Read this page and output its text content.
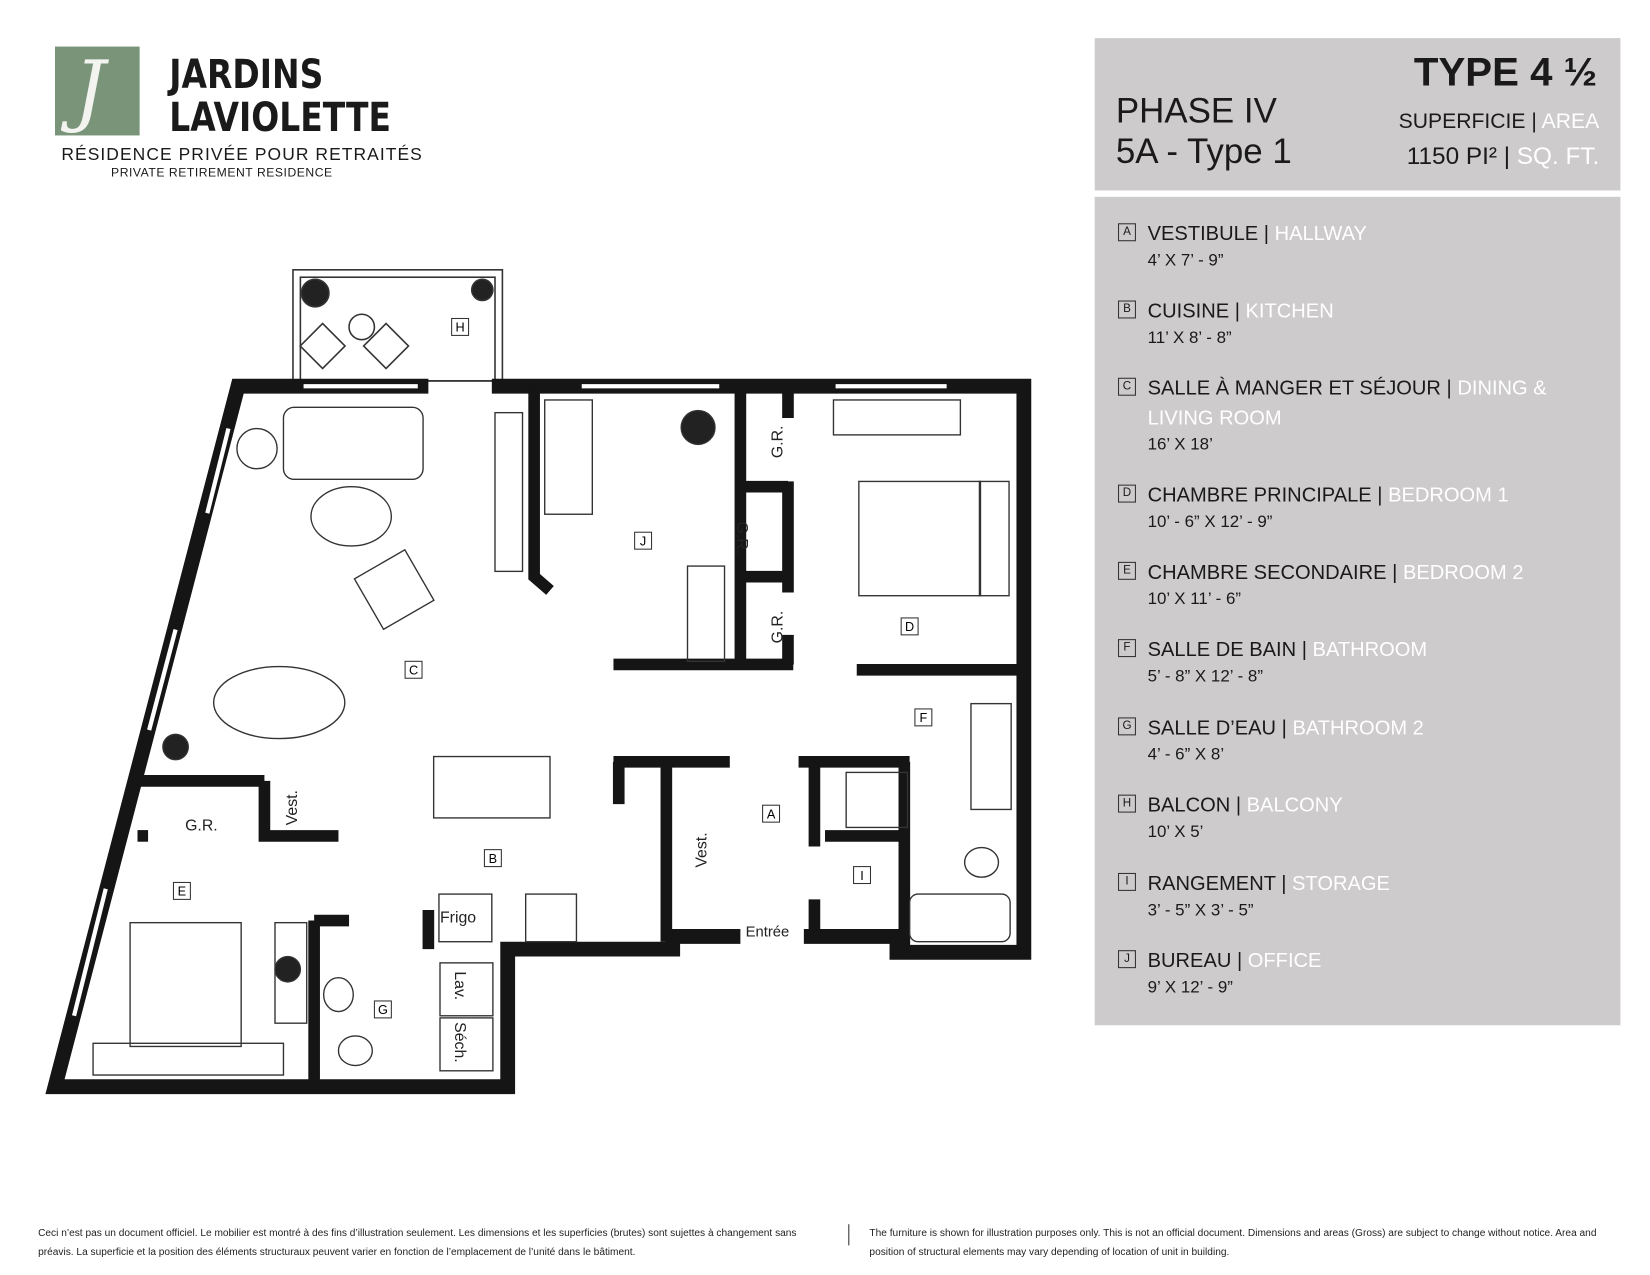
J JARDINS
LAVIOLETTE
RÉSIDENCE PRIVÉE POUR RETRAITÉS
PRIVATE RETIREMENT RESIDENCE
PHASE IV
5A - Type 1
TYPE 4 ½
SUPERFICIE | AREA
1150 PI² | SQ. FT.
A VESTIBULE | HALLWAY
4’ X 7’ - 9”
B CUISINE | KITCHEN
11’ X 8’ - 8”
C SALLE À MANGER ET SÉJOUR | DINING & LIVING ROOM
16’ X 18’
D CHAMBRE PRINCIPALE | BEDROOM 1
10’ - 6” X 12’ - 9”
E CHAMBRE SECONDAIRE | BEDROOM 2
10’ X 11’ - 6”
F SALLE DE BAIN | BATHROOM
5’ - 8” X 12’ - 8”
G SALLE D’EAU | BATHROOM 2
4’ - 6” X 8’
H BALCON | BALCONY
10’ X 5’
I	RANGEMENT | STORAGE
3’ - 5” X 3’ - 5”
J BUREAU | OFFICE
9’ X 12’ - 9”
A
B
C
D
E
F
G
H
I
J
G.R.
G.R.
G.R.
G.R.
Vest.
Vest.
Frigo
Entrée
Lav.
Séch.
Ceci n’est pas un document officiel. Le mobilier est montré à des fins d’illustration seulement. Les dimensions et les superficies (brutes) sont sujettes à changement sans préavis. La superficie et la position des éléments structuraux peuvent varier en fonction de l’emplacement de l’unité dans le bâtiment.
The furniture is shown for illustration purposes only. This is not an official document. Dimensions and areas (Gross) are subject to change without notice. Area and position of structural elements may vary depending of location of unit in building.
